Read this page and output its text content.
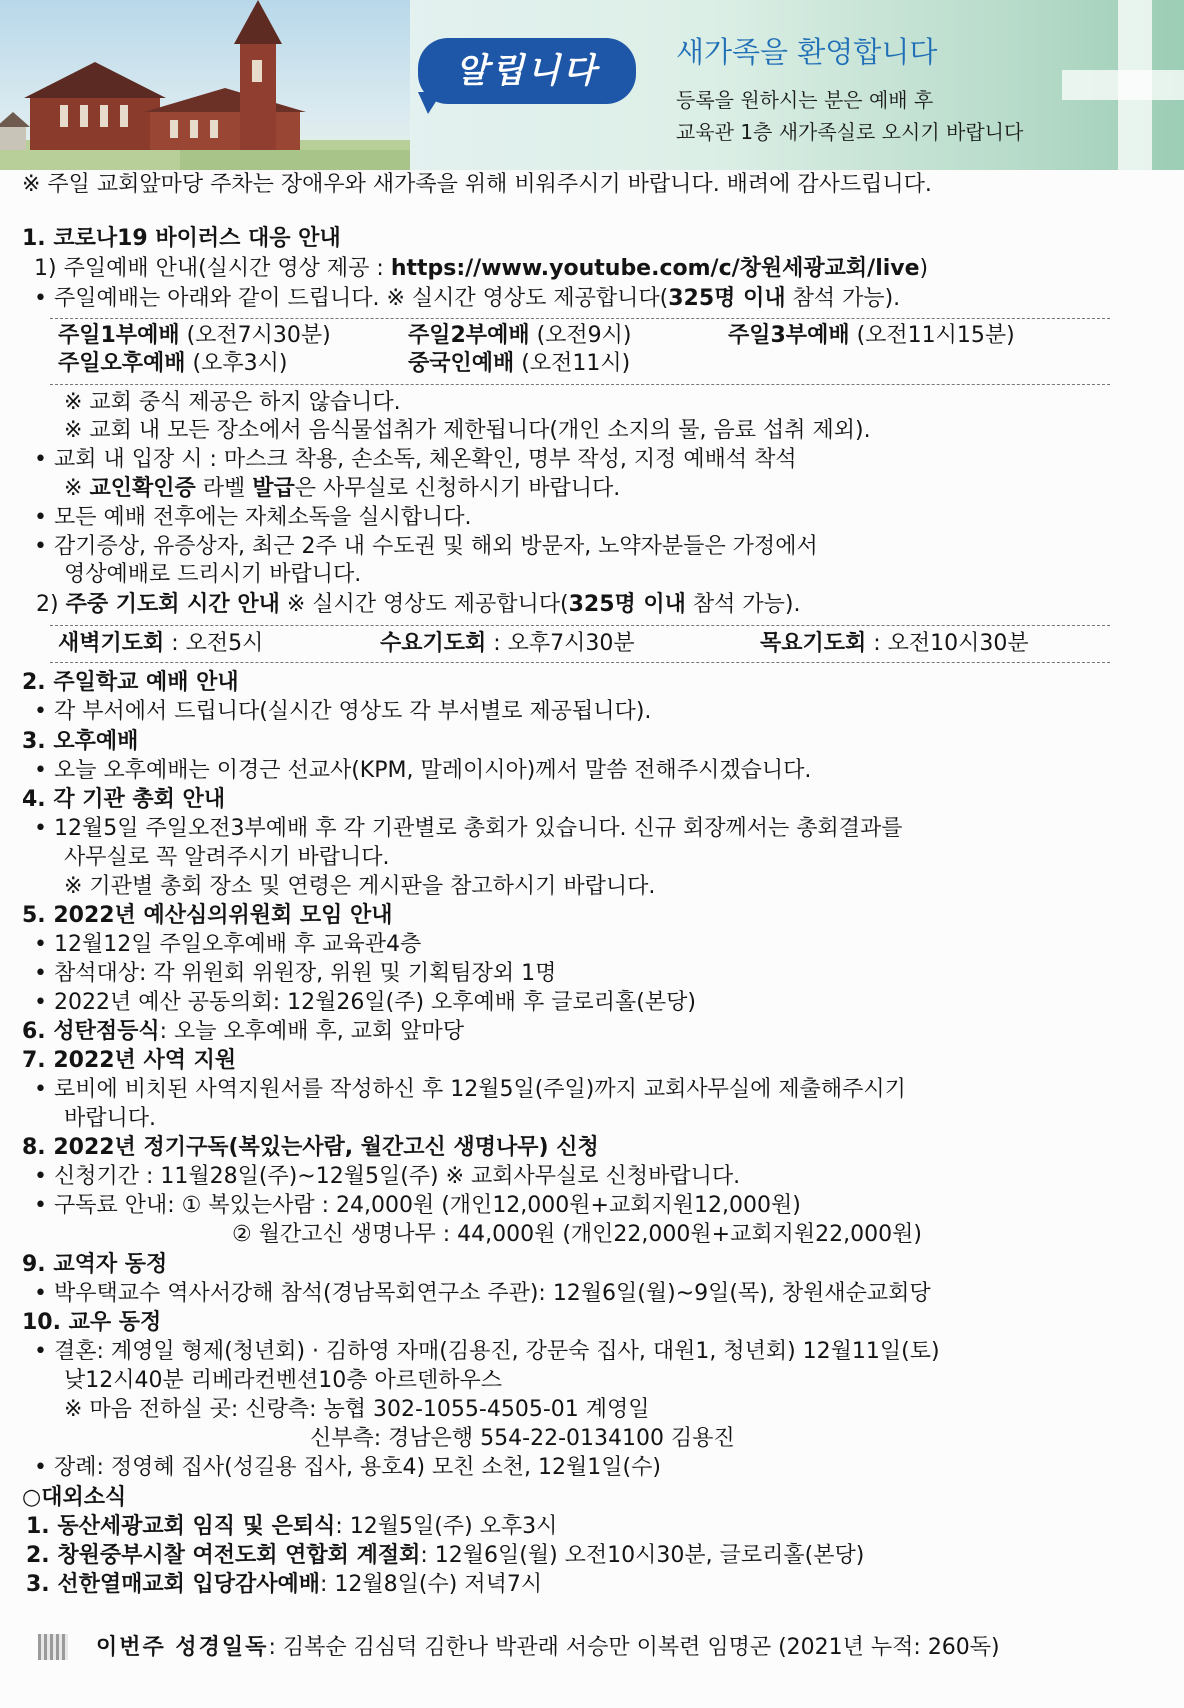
알립니다	새가족을 환영합니다
등록을 원하시는 분은 예배 후
교육관 1층 새가족실로 오시기 바랍니다
※ 주일 교회앞마당 주차는 장애우와 새가족을 위해 비워주시기 바랍니다. 배려에 감사드립니다.
1. 코로나19 바이러스 대응 안내
1) 주일예배 안내(실시간 영상 제공 : https://www.youtube.com/c/창원세광교회/live)
• 주일예배는 아래와 같이 드립니다. ※ 실시간 영상도 제공합니다(325명 이내 참석 가능).
주일1부예배 (오전7시30분)	주일2부예배 (오전9시)	주일3부예배 (오전11시15분)
주일오후예배 (오후3시)	중국인예배 (오전11시)
※ 교회 중식 제공은 하지 않습니다.
※ 교회 내 모든 장소에서 음식물섭취가 제한됩니다(개인 소지의 물, 음료 섭취 제외).
• 교회 내 입장 시 : 마스크 착용, 손소독, 체온확인, 명부 작성, 지정 예배석 착석
※ 교인확인증 라벨 발급은 사무실로 신청하시기 바랍니다.
• 모든 예배 전후에는 자체소독을 실시합니다.
• 감기증상, 유증상자, 최근 2주 내 수도권 및 해외 방문자, 노약자분들은 가정에서
영상예배로 드리시기 바랍니다.
2) 주중 기도회 시간 안내 ※ 실시간 영상도 제공합니다(325명 이내 참석 가능).
새벽기도회 : 오전5시	수요기도회 : 오후7시30분	목요기도회 : 오전10시30분
2. 주일학교 예배 안내
• 각 부서에서 드립니다(실시간 영상도 각 부서별로 제공됩니다).
3. 오후예배
• 오늘 오후예배는 이경근 선교사(KPM, 말레이시아)께서 말씀 전해주시겠습니다.
4. 각 기관 총회 안내
• 12월5일 주일오전3부예배 후 각 기관별로 총회가 있습니다. 신규 회장께서는 총회결과를
사무실로 꼭 알려주시기 바랍니다.
※ 기관별 총회 장소 및 연령은 게시판을 참고하시기 바랍니다.
5. 2022년 예산심의위원회 모임 안내
• 12월12일 주일오후예배 후 교육관4층
• 참석대상: 각 위원회 위원장, 위원 및 기획팀장외 1명
• 2022년 예산 공동의회: 12월26일(주) 오후예배 후 글로리홀(본당)
6. 성탄점등식: 오늘 오후예배 후, 교회 앞마당
7. 2022년 사역 지원
• 로비에 비치된 사역지원서를 작성하신 후 12월5일(주일)까지 교회사무실에 제출해주시기
바랍니다.
8. 2022년 정기구독(복있는사람, 월간고신 생명나무) 신청
• 신청기간 : 11월28일(주)~12월5일(주) ※ 교회사무실로 신청바랍니다.
• 구독료 안내: ① 복있는사람 : 24,000원 (개인12,000원+교회지원12,000원)
② 월간고신 생명나무 : 44,000원 (개인22,000원+교회지원22,000원)
9. 교역자 동정
• 박우택교수 역사서강해 참석(경남목회연구소 주관): 12월6일(월)~9일(목), 창원새순교회당
10. 교우 동정
• 결혼: 계영일 형제(청년회) · 김하영 자매(김용진, 강문숙 집사, 대원1, 청년회) 12월11일(토)
낮12시40분 리베라컨벤션10층 아르덴하우스
※ 마음 전하실 곳: 신랑측: 농협 302-1055-4505-01 계영일
신부측: 경남은행 554-22-0134100 김용진
• 장례: 정영혜 집사(성길용 집사, 용호4) 모친 소천, 12월1일(수)
○대외소식
1. 동산세광교회 임직 및 은퇴식: 12월5일(주) 오후3시
2. 창원중부시찰 여전도회 연합회 계절회: 12월6일(월) 오전10시30분, 글로리홀(본당)
3. 선한열매교회 입당감사예배: 12월8일(수) 저녁7시
이번주 성경일독: 김복순 김심덕 김한나 박관래 서승만 이복련 임명곤 (2021년 누적: 260독)
